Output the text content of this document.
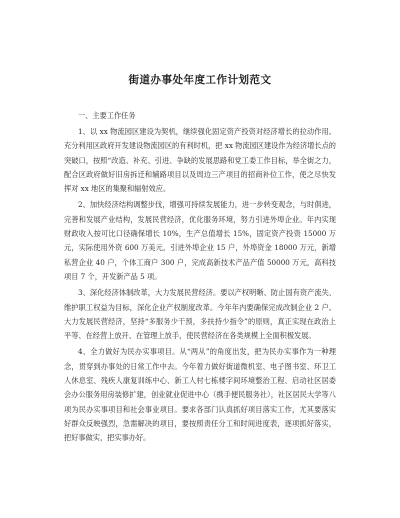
街道办事处年度工作计划范文
一、主要工作任务

1、以 xx 物流园区建设为契机，继续强化固定资产投资对经济增长的拉动作用。充分利用区政府开发建设物流园区的有利时机，把 xx 物流园区建设作为经济增长点的突破口，按照“改造、补充、引进、争缺的发展思路和党工委工作目标，举全街之力，配合区政府做好旧房拆迁和辅路项目以及周边三产项目的招商补位工作，使之尽快发挥对 xx 地区的集聚和辐射效应。

2、加快经济结构调整步伐，增强可持续发展能力，进一步转变观念，与时俱进，完善和发展产业结构，发展民营经济，优化服务环境，努力引进外埠企业。年内实现财政收入按可比口径确保增长 10%，生产总值增长 15%，固定资产投资 15000 万元，实际使用外资 600 万美元，引进外埠企业 15 户，外埠资金 18000 万元，新增私营企业 40 户，个体工商户 300 户，完成高新技术产品产值 50000 万元，高科技项目 7 个，开发新产品 5 项。

3、深化经济体制改革，大力发展民营经济。要以产权明晰、防止国有资产流失、维护职工权益为目标，深化企业产权制度改革。今年年内要确保完成改制企业 2 户。大力发展民营经济，坚持“多服务少干预，多扶持少指令”的原则，真正实现在政治上平等、在经营上放开、在管理上放手，使民营经济在各类规模上全面积极发展。

4、全力做好为民办实事项目。从“两从”的角度出发，把为民办实事作为一种理念，贯穿到办事处的日常工作中去。今年着力做好街道微机室、电子图书室、环卫工人休息室、残疾人康复训练中心、新工人村七栋楼字间环境整治工程、启动社区居委会办公服务用房装修扩建，创业就业促进中心（携手便民服务社），社区居民大学等八项为民办实事项目和社会事业项目。要求各部门认真抓好项目落实工作，尤其要落实好群众反映强烈，急需解决的项目，要按照责任分工和时间进度表，逐项抓好落实，把好事做实，把实事办好。
